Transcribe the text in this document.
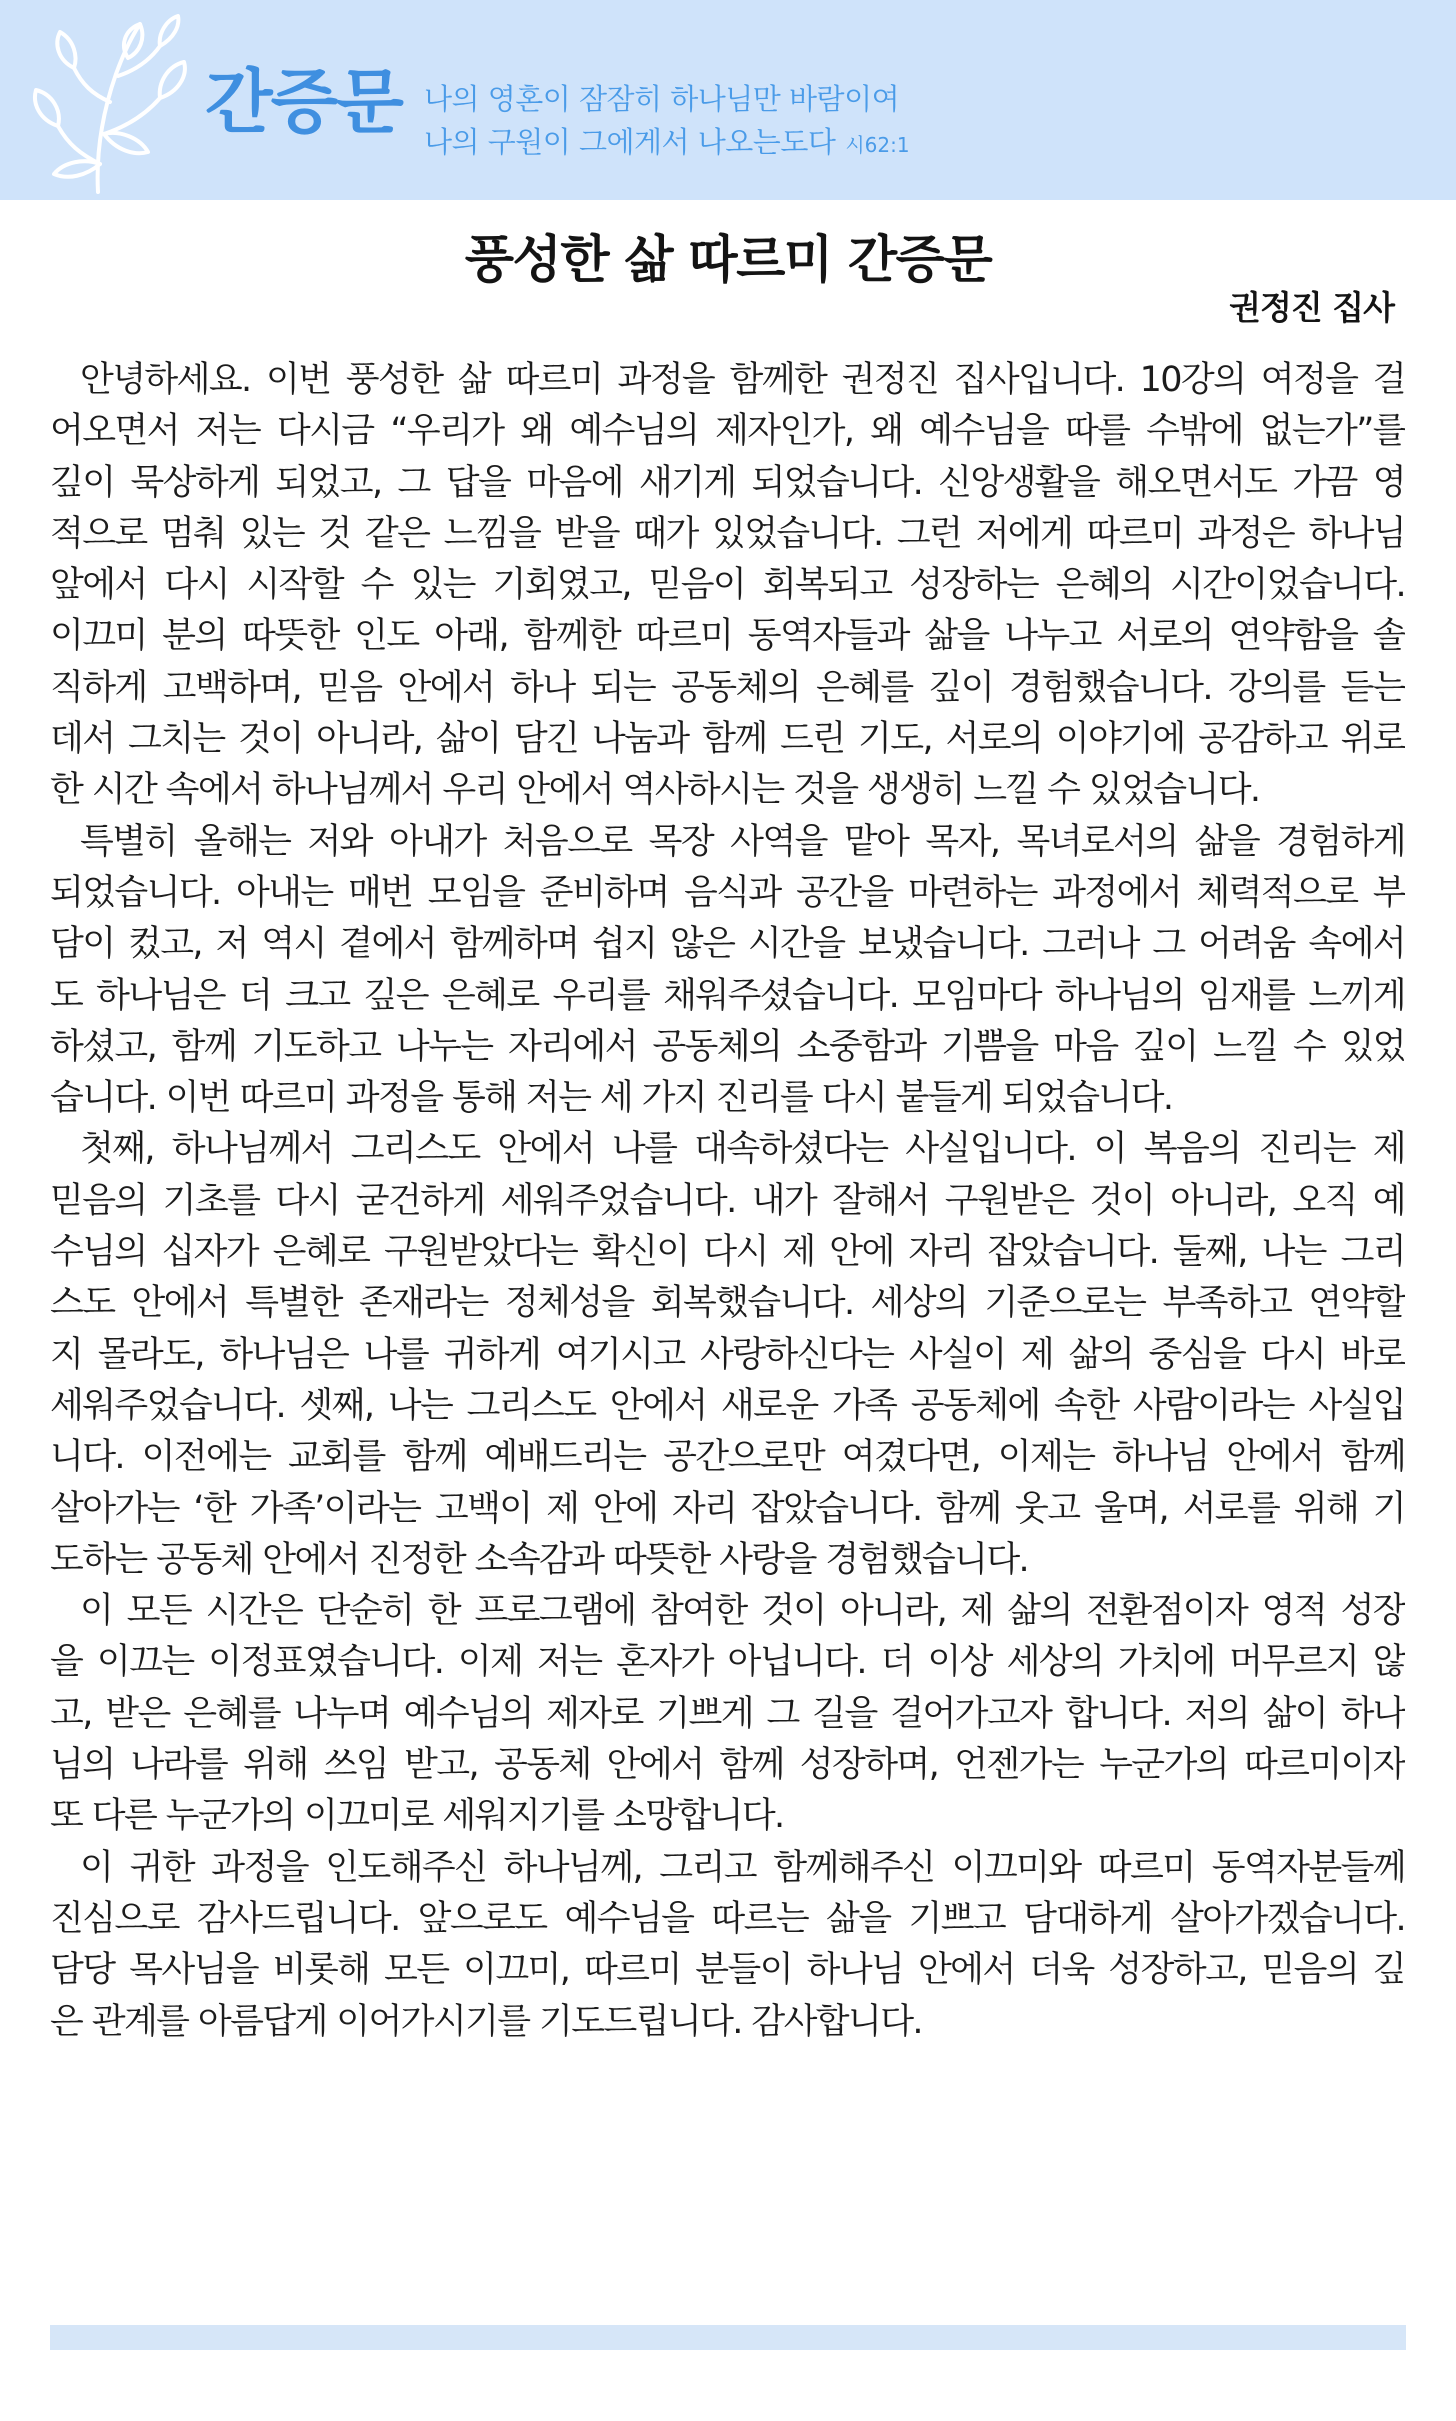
간증문 나의 영혼이 잠잠히 하나님만 바람이여
나의 구원이 그에게서 나오는도다 시62:1
풍성한 삶 따르미 간증문
권정진 집사
안녕하세요. 이번 풍성한 삶 따르미 과정을 함께한 권정진 집사입니다. 10강의 여정을 걸
어오면서 저는 다시금 “우리가 왜 예수님의 제자인가, 왜 예수님을 따를 수밖에 없는가”를
깊이 묵상하게 되었고, 그 답을 마음에 새기게 되었습니다. 신앙생활을 해오면서도 가끔 영
적으로 멈춰 있는 것 같은 느낌을 받을 때가 있었습니다. 그런 저에게 따르미 과정은 하나님
앞에서 다시 시작할 수 있는 기회였고, 믿음이 회복되고 성장하는 은혜의 시간이었습니다.
이끄미 분의 따뜻한 인도 아래, 함께한 따르미 동역자들과 삶을 나누고 서로의 연약함을 솔
직하게 고백하며, 믿음 안에서 하나 되는 공동체의 은혜를 깊이 경험했습니다. 강의를 듣는
데서 그치는 것이 아니라, 삶이 담긴 나눔과 함께 드린 기도, 서로의 이야기에 공감하고 위로
한 시간 속에서 하나님께서 우리 안에서 역사하시는 것을 생생히 느낄 수 있었습니다.
특별히 올해는 저와 아내가 처음으로 목장 사역을 맡아 목자, 목녀로서의 삶을 경험하게
되었습니다. 아내는 매번 모임을 준비하며 음식과 공간을 마련하는 과정에서 체력적으로 부
담이 컸고, 저 역시 곁에서 함께하며 쉽지 않은 시간을 보냈습니다. 그러나 그 어려움 속에서
도 하나님은 더 크고 깊은 은혜로 우리를 채워주셨습니다. 모임마다 하나님의 임재를 느끼게
하셨고, 함께 기도하고 나누는 자리에서 공동체의 소중함과 기쁨을 마음 깊이 느낄 수 있었
습니다. 이번 따르미 과정을 통해 저는 세 가지 진리를 다시 붙들게 되었습니다.
첫째, 하나님께서 그리스도 안에서 나를 대속하셨다는 사실입니다. 이 복음의 진리는 제
믿음의 기초를 다시 굳건하게 세워주었습니다. 내가 잘해서 구원받은 것이 아니라, 오직 예
수님의 십자가 은혜로 구원받았다는 확신이 다시 제 안에 자리 잡았습니다. 둘째, 나는 그리
스도 안에서 특별한 존재라는 정체성을 회복했습니다. 세상의 기준으로는 부족하고 연약할
지 몰라도, 하나님은 나를 귀하게 여기시고 사랑하신다는 사실이 제 삶의 중심을 다시 바로
세워주었습니다. 셋째, 나는 그리스도 안에서 새로운 가족 공동체에 속한 사람이라는 사실입
니다. 이전에는 교회를 함께 예배드리는 공간으로만 여겼다면, 이제는 하나님 안에서 함께
살아가는 ‘한 가족’이라는 고백이 제 안에 자리 잡았습니다. 함께 웃고 울며, 서로를 위해 기
도하는 공동체 안에서 진정한 소속감과 따뜻한 사랑을 경험했습니다.
이 모든 시간은 단순히 한 프로그램에 참여한 것이 아니라, 제 삶의 전환점이자 영적 성장
을 이끄는 이정표였습니다. 이제 저는 혼자가 아닙니다. 더 이상 세상의 가치에 머무르지 않
고, 받은 은혜를 나누며 예수님의 제자로 기쁘게 그 길을 걸어가고자 합니다. 저의 삶이 하나
님의 나라를 위해 쓰임 받고, 공동체 안에서 함께 성장하며, 언젠가는 누군가의 따르미이자
또 다른 누군가의 이끄미로 세워지기를 소망합니다.
이 귀한 과정을 인도해주신 하나님께, 그리고 함께해주신 이끄미와 따르미 동역자분들께
진심으로 감사드립니다. 앞으로도 예수님을 따르는 삶을 기쁘고 담대하게 살아가겠습니다.
담당 목사님을 비롯해 모든 이끄미, 따르미 분들이 하나님 안에서 더욱 성장하고, 믿음의 깊
은 관계를 아름답게 이어가시기를 기도드립니다. 감사합니다.
